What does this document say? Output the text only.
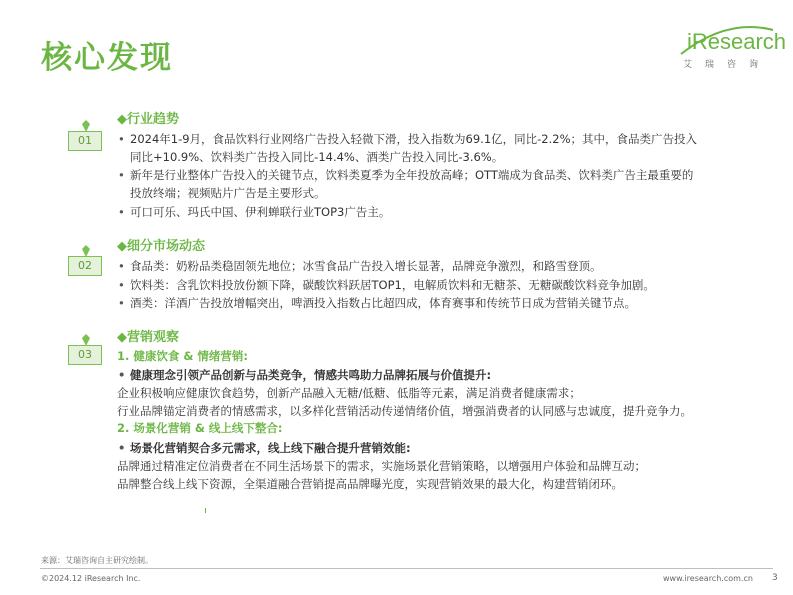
核心发现	iResearch
艾瑞咨询
01
◆行业趋势
• 2024年1-9月，食品饮料行业网络广告投入轻微下滑，投入指数为69.1亿，同比-2.2%；其中，食品类广告投入
同比+10.9%、饮料类广告投入同比-14.4%、酒类广告投入同比-3.6%。
• 新年是行业整体广告投入的关键节点，饮料类夏季为全年投放高峰；OTT端成为食品类、饮料类广告主最重要的
投放终端；视频贴片广告是主要形式。
• 可口可乐、玛氏中国、伊利蝉联行业TOP3广告主。
02
◆细分市场动态
• 食品类：奶粉品类稳固领先地位；冰雪食品广告投入增长显著，品牌竞争激烈，和路雪登顶。
• 饮料类：含乳饮料投放份额下降，碳酸饮料跃居TOP1，电解质饮料和无糖茶、无糖碳酸饮料竞争加剧。
• 酒类：洋酒广告投放增幅突出，啤酒投入指数占比超四成，体育赛事和传统节日成为营销关键节点。
03
◆营销观察
1. 健康饮食 & 情绪营销:
• 健康理念引领产品创新与品类竞争，情感共鸣助力品牌拓展与价值提升:
企业积极响应健康饮食趋势，创新产品融入无糖/低糖、低脂等元素，满足消费者健康需求；
行业品牌锚定消费者的情感需求，以多样化营销活动传递情绪价值，增强消费者的认同感与忠诚度，提升竞争力。
2. 场景化营销 & 线上线下整合:
• 场景化营销契合多元需求，线上线下融合提升营销效能:
品牌通过精准定位消费者在不同生活场景下的需求，实施场景化营销策略，以增强用户体验和品牌互动；
品牌整合线上线下资源，全渠道融合营销提高品牌曝光度，实现营销效果的最大化，构建营销闭环。
来源：艾瑞咨询自主研究绘制。
©2024.12 iResearch Inc.	www.iresearch.com.cn 3
